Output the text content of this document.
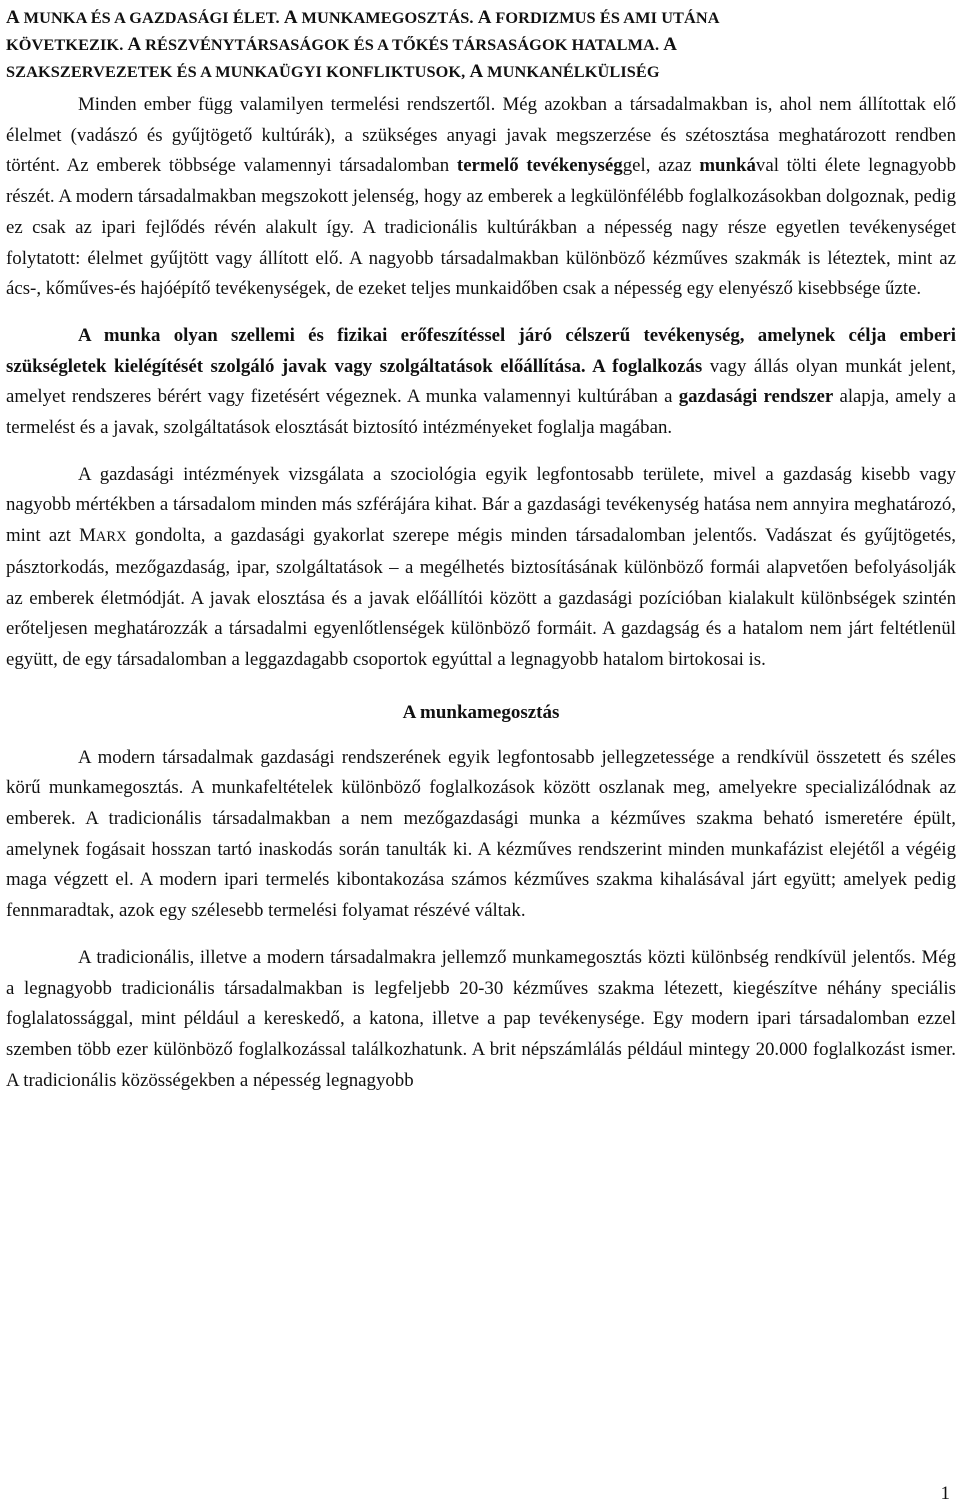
A MUNKA ÉS A GAZDASÁGI ÉLET. A MUNKAMEGOSZTÁS. A FORDIZMUS ÉS AMI UTÁNA
KÖVETKEZIK. A RÉSZVÉNYTÁRSASÁGOK ÉS A TŐKÉS TÁRSASÁGOK HATALMA. A
SZAKSZERVEZETEK ÉS A MUNKAÜGYI KONFLIKTUSOK, A MUNKANÉLKÜLISÉG

Minden ember függ valamilyen termelési rendszertől. Még azokban a társadalmakban is, ahol nem állítottak elő élelmet (vadászó és gyűjtögető kultúrák), a szükséges anyagi javak megszerzése és szétosztása meghatározott rendben történt. Az emberek többsége valamennyi társadalomban termelő tevékenységgel, azaz munkával tölti élete legnagyobb részét. A modern társadalmakban megszokott jelenség, hogy az emberek a legkülönfélébb foglalkozásokban dolgoznak, pedig ez csak az ipari fejlődés révén alakult így. A tradicionális kultúrákban a népesség nagy része egyetlen tevékenységet folytatott: élelmet gyűjtött vagy állított elő. A nagyobb társadalmakban különböző kézműves szakmák is léteztek, mint az ács-, kőműves-és hajóépítő tevékenységek, de ezeket teljes munkaidőben csak a népesség egy elenyésző kisebbsége űzte.

A munka olyan szellemi és fizikai erőfeszítéssel járó célszerű tevékenység, amelynek célja emberi szükségletek kielégítését szolgáló javak vagy szolgáltatások előállítása. A foglalkozás vagy állás olyan munkát jelent, amelyet rendszeres bérért vagy fizetésért végeznek. A munka valamennyi kultúrában a gazdasági rendszer alapja, amely a termelést és a javak, szolgáltatások elosztását biztosító intézményeket foglalja magában.

A gazdasági intézmények vizsgálata a szociológia egyik legfontosabb területe, mivel a gazdaság kisebb vagy nagyobb mértékben a társadalom minden más szférájára kihat. Bár a gazdasági tevékenység hatása nem annyira meghatározó, mint azt MARX gondolta, a gazdasági gyakorlat szerepe mégis minden társadalomban jelentős. Vadászat és gyűjtögetés, pásztorkodás, mezőgazdaság, ipar, szolgáltatások – a megélhetés biztosításának különböző formái alapvetően befolyásolják az emberek életmódját. A javak elosztása és a javak előállítói között a gazdasági pozícióban kialakult különbségek szintén erőteljesen meghatározzák a társadalmi egyenlőtlenségek különböző formáit. A gazdagság és a hatalom nem járt feltétlenül együtt, de egy társadalomban a leggazdagabb csoportok egyúttal a legnagyobb hatalom birtokosai is.

A munkamegosztás

A modern társadalmak gazdasági rendszerének egyik legfontosabb jellegzetessége a rendkívül összetett és széles körű munkamegosztás. A munkafeltételek különböző foglalkozások között oszlanak meg, amelyekre specializálódnak az emberek. A tradicionális társadalmakban a nem mezőgazdasági munka a kézműves szakma beható ismeretére épült, amelynek fogásait hosszan tartó inaskodás során tanulták ki. A kézműves rendszerint minden munkafázist elejétől a végéig maga végzett el. A modern ipari termelés kibontakozása számos kézműves szakma kihalásával járt együtt; amelyek pedig fennmaradtak, azok egy szélesebb termelési folyamat részévé váltak.

A tradicionális, illetve a modern társadalmakra jellemző munkamegosztás közti különbség rendkívül jelentős. Még a legnagyobb tradicionális társadalmakban is legfeljebb 20-30 kézműves szakma létezett, kiegészítve néhány speciális foglalatossággal, mint például a kereskedő, a katona, illetve a pap tevékenysége. Egy modern ipari társadalomban ezzel szemben több ezer különböző foglalkozással találkozhatunk. A brit népszámlálás például mintegy 20.000 foglalkozást ismer. A tradicionális közösségekben a népesség legnagyobb

1
